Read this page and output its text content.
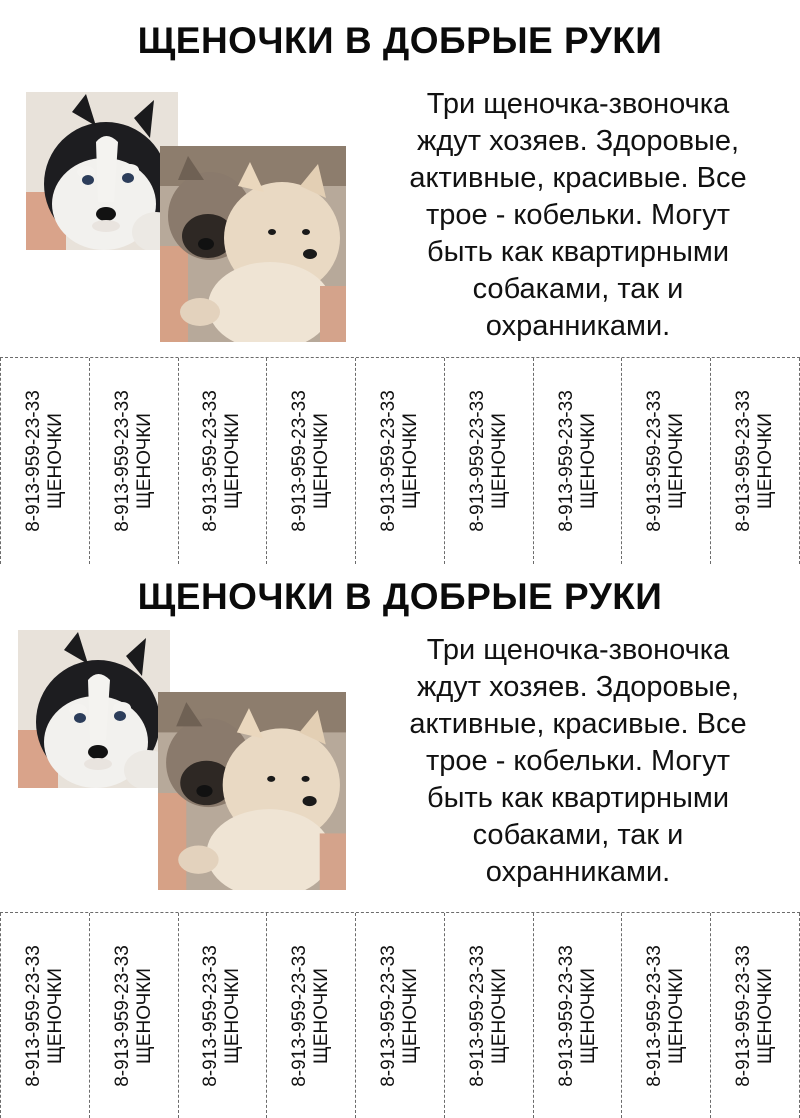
ЩЕНОЧКИ В ДОБРЫЕ РУКИ
Три щеночка-звоночка
ждут хозяев. Здоровые,
активные, красивые. Все
трое - кобельки. Могут
быть как квартирными
собаками, так и
охранниками.
8-913-959-23-33 ЩЕНОЧКИ 8-913-959-23-33 ЩЕНОЧКИ 8-913-959-23-33 ЩЕНОЧКИ 8-913-959-23-33 ЩЕНОЧКИ 8-913-959-23-33 ЩЕНОЧКИ 8-913-959-23-33 ЩЕНОЧКИ 8-913-959-23-33 ЩЕНОЧКИ 8-913-959-23-33 ЩЕНОЧКИ 8-913-959-23-33 ЩЕНОЧКИ
ЩЕНОЧКИ В ДОБРЫЕ РУКИ
Три щеночка-звоночка
ждут хозяев. Здоровые,
активные, красивые. Все
трое - кобельки. Могут
быть как квартирными
собаками, так и
охранниками.
8-913-959-23-33 ЩЕНОЧКИ 8-913-959-23-33 ЩЕНОЧКИ 8-913-959-23-33 ЩЕНОЧКИ 8-913-959-23-33 ЩЕНОЧКИ 8-913-959-23-33 ЩЕНОЧКИ 8-913-959-23-33 ЩЕНОЧКИ 8-913-959-23-33 ЩЕНОЧКИ 8-913-959-23-33 ЩЕНОЧКИ 8-913-959-23-33 ЩЕНОЧКИ
